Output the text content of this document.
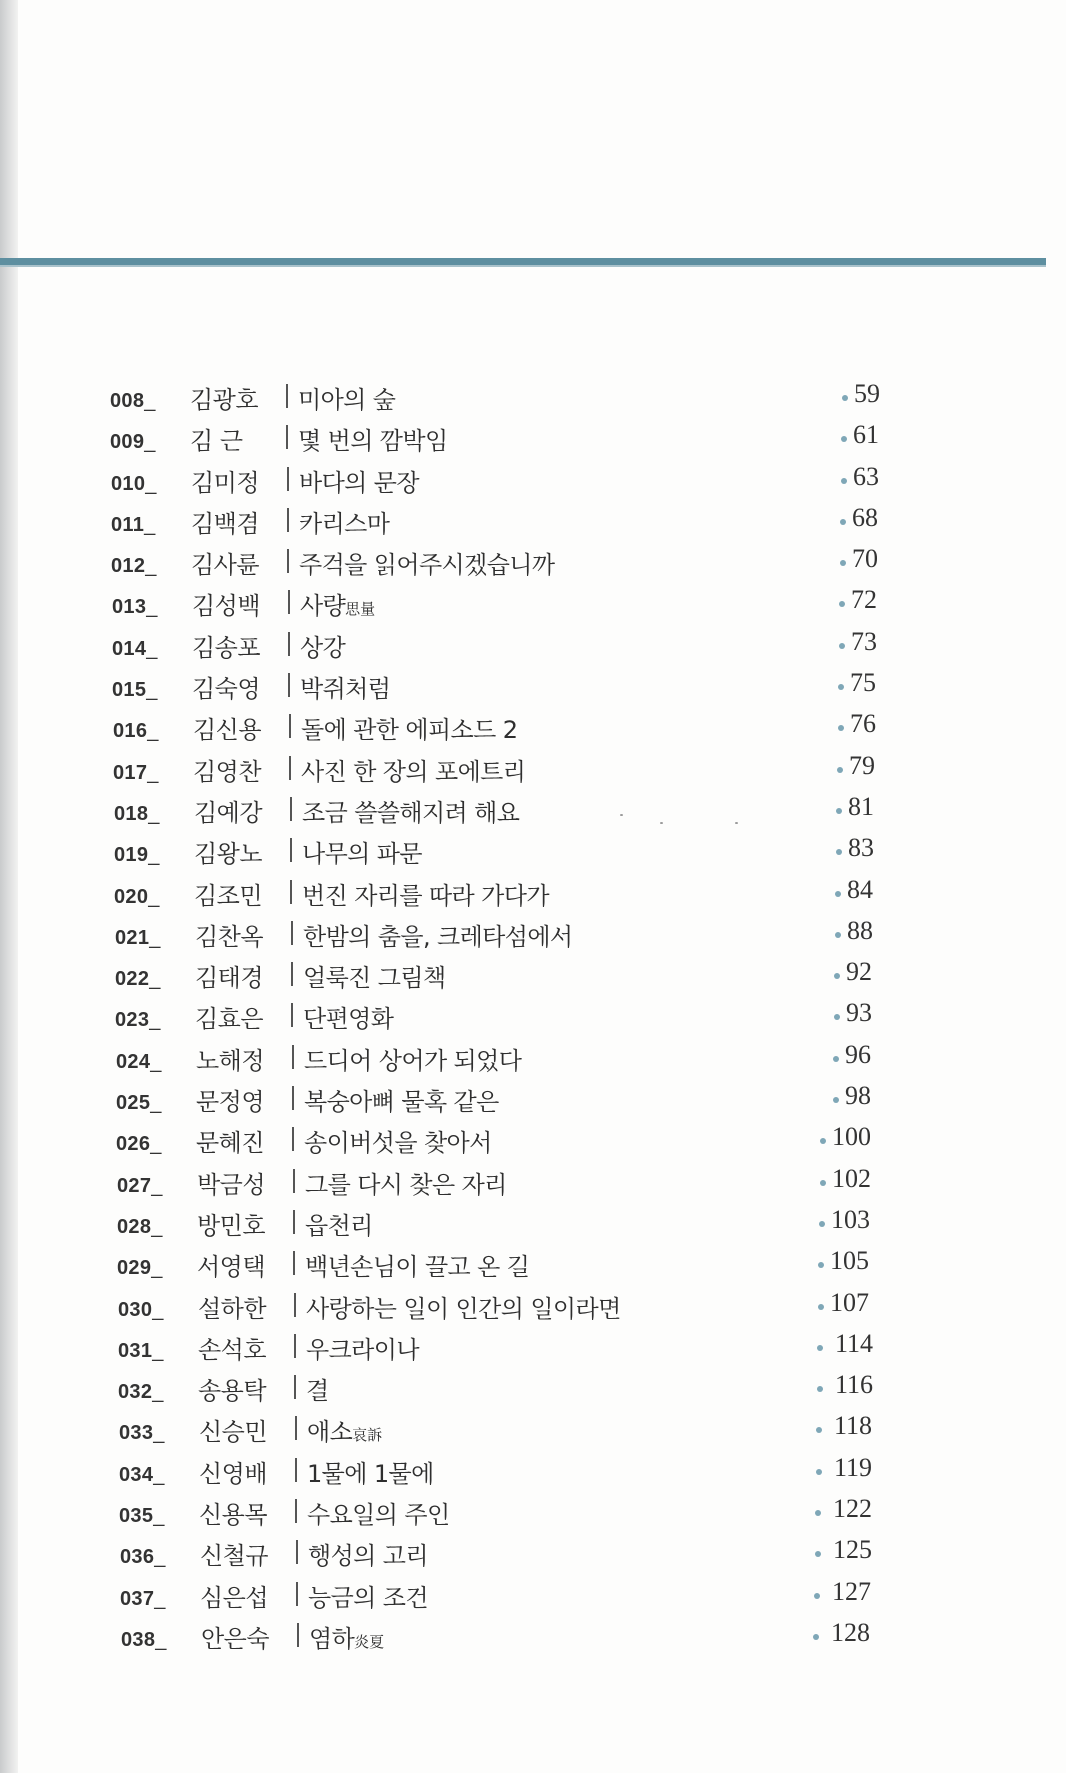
008 _	김광호 미아의 숲	59
009 _	김 근 몇 번의 깜박임	61
010 _	김미정 바다의 문장	63
011 _	김백겸 카리스마	68
012 _	김사륜 주걱을 읽어주시겠습니까	70
013 _	김성백 사량思量	72
014 _	김송포 상강	73
015 _	김숙영 박쥐처럼	75
016 _	김신용 돌에 관한 에피소드 2	76
017 _	김영찬 사진 한 장의 포에트리	79
018 _	김예강 조금 쓸쓸해지려 해요	81
019 _	김왕노 나무의 파문	83
020 _	김조민 번진 자리를 따라 가다가	84
021 _	김찬옥 한밤의 춤을, 크레타섬에서	88
022 _	김태경 얼룩진 그림책	92
023 _	김효은 단편영화	93
024 _	노해정 드디어 상어가 되었다	96
025 _	문정영 복숭아뼈 물혹 같은	98
026 _	문혜진 송이버섯을 찾아서	100
027 _	박금성 그를 다시 찾은 자리	102
028 _	방민호 읍천리	103
029 _	서영택 백년손님이 끌고 온 길	105
030 _	설하한 사랑하는 일이 인간의 일이라면	107
031 _	손석호 우크라이나	114
032 _	송용탁 결	116
033 _	신승민 애소哀訴	118
034 _	신영배 1물에 1물에	119
035 _	신용목 수요일의 주인	122
036 _	신철규 행성의 고리	125
037 _	심은섭 능금의 조건	127
038 _	안은숙 염하炎夏	128
